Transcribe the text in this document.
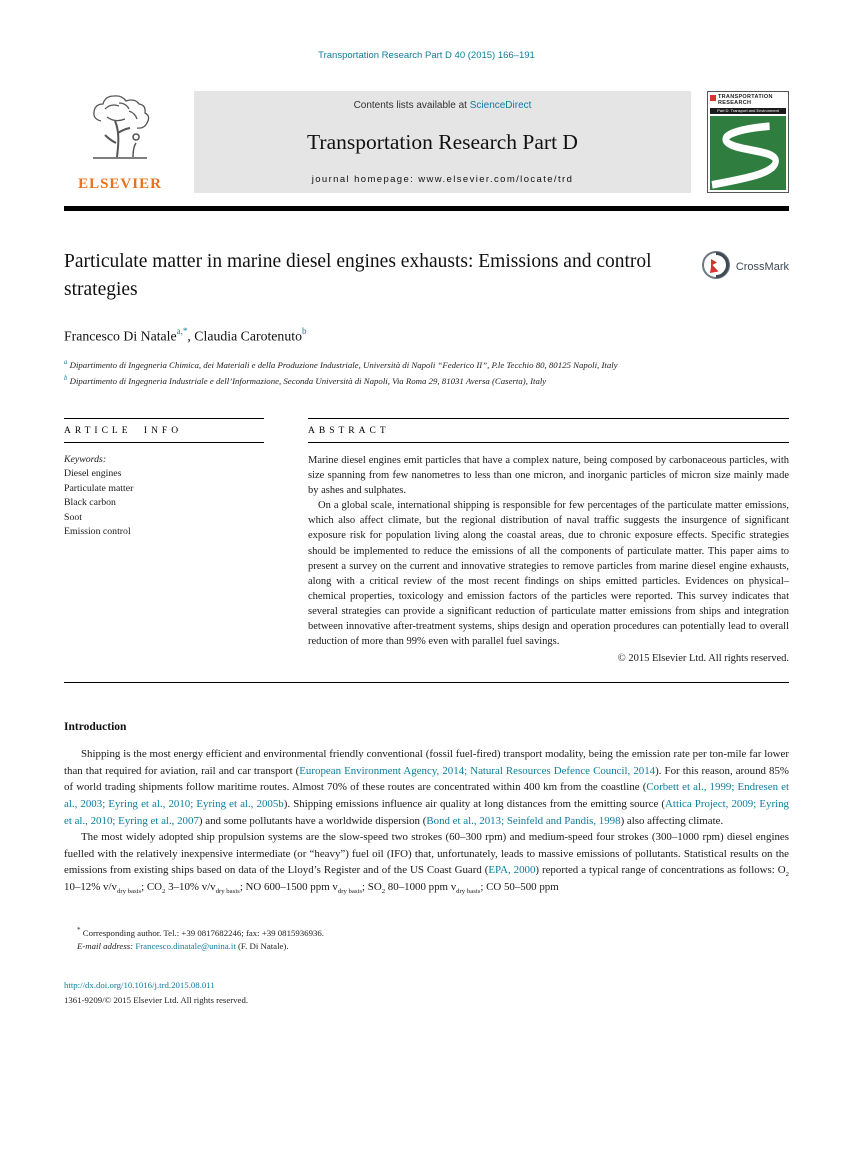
Transportation Research Part D 40 (2015) 166–191
ELSEVIER
Contents lists available at ScienceDirect
Transportation Research Part D
journal homepage: www.elsevier.com/locate/trd
TRANSPORTATION
RESEARCH
Part D: Transport and Environment
Particulate matter in marine diesel engines exhausts: Emissions and control strategies
CrossMark
Francesco Di Natale$^{a,*}$, Claudia Carotenuto$^b$
$^a$ Dipartimento di Ingegneria Chimica, dei Materiali e della Produzione Industriale, Università di Napoli “Federico II”, P.le Tecchio 80, 80125 Napoli, Italy
$^b$ Dipartimento di Ingegneria Industriale e dell’Informazione, Seconda Università di Napoli, Via Roma 29, 81031 Aversa (Caserta), Italy
ARTICLE INFO
Keywords:
Diesel engines
Particulate matter
Black carbon
Soot
Emission control
ABSTRACT

Marine diesel engines emit particles that have a complex nature, being composed by carbonaceous particles, with size spanning from few nanometres to less than one micron, and inorganic particles of micron size mainly made by ashes and sulphates.

On a global scale, international shipping is responsible for few percentages of the particulate matter emissions, which also affect climate, but the regional distribution of naval traffic suggests the insurgence of significant exposure risk for population living along the coastal areas, due to chronic exposure effects. Specific strategies should be implemented to reduce the emissions of all the components of particulate matter. This paper aims to present a survey on the current and innovative strategies to remove particles from marine diesel engine exhausts, along with a critical review of the most recent findings on ships emitted particles. Evidences on physical–chemical properties, toxicology and emission factors of the particles were reported. This survey indicates that several strategies can provide a significant reduction of particulate matter emissions from ships and integration between innovative after-treatment systems, ships design and operation procedures can potentially lead to overall reduction of more than 99% even with parallel fuel savings.

© 2015 Elsevier Ltd. All rights reserved.
Introduction

Shipping is the most energy efficient and environmental friendly conventional (fossil fuel-fired) transport modality, being the emission rate per ton-mile far lower than that required for aviation, rail and car transport (European Environment Agency, 2014; Natural Resources Defence Council, 2014). For this reason, around 85% of world trading shipments follow maritime routes. Almost 70% of these routes are concentrated within 400 km from the coastline (Corbett et al., 1999; Endresen et al., 2003; Eyring et al., 2010; Eyring et al., 2005b). Shipping emissions influence air quality at long distances from the emitting source (Attica Project, 2009; Eyring et al., 2010; Eyring et al., 2007) and some pollutants have a worldwide dispersion (Bond et al., 2013; Seinfeld and Pandis, 1998) also affecting climate.

The most widely adopted ship propulsion systems are the slow-speed two strokes (60–300 rpm) and medium-speed four strokes (300–1000 rpm) diesel engines fuelled with the relatively inexpensive intermediate (or “heavy”) fuel oil (IFO) that, unfortunately, leads to massive emissions of pollutants. Statistical results on the emissions from existing ships based on data of the Lloyd’s Register and of the US Coast Guard (EPA, 2000) reported a typical range of concentrations as follows: $O_2$ 10–12% $v/v_{dry basis}$; $CO_2$ 3–10% $v/v_{dry basis}$; NO 600–1500 ppm $v_{dry basis}$; $SO_2$ 80–1000 ppm $v_{dry basis}$; CO 50–500 ppm

* Corresponding author. Tel.: +39 0817682246; fax: +39 0815936936.
E-mail address: Francesco.dinatale@unina.it (F. Di Natale).
http://dx.doi.org/10.1016/j.trd.2015.08.011
1361-9209/© 2015 Elsevier Ltd. All rights reserved.
